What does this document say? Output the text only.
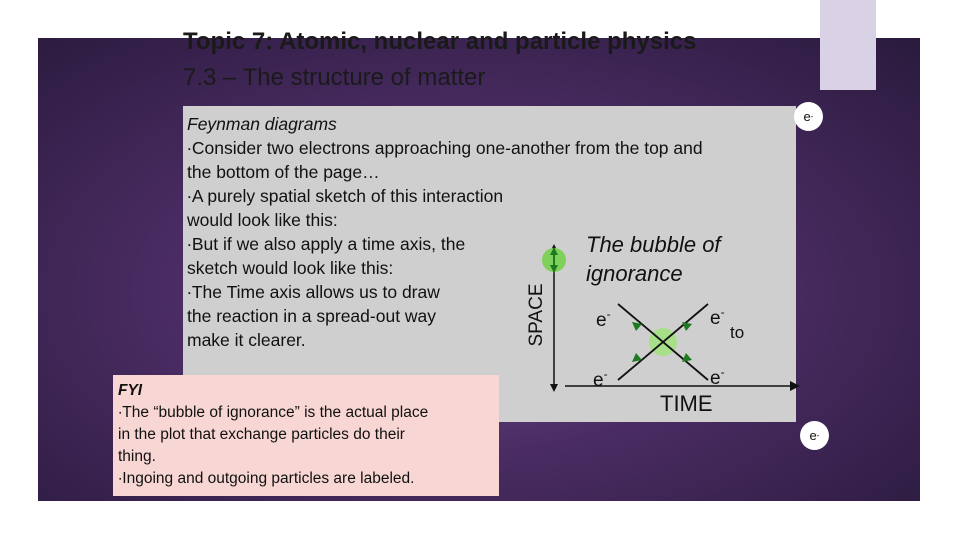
Topic 7: Atomic, nuclear and particle physics
7.3 – The structure of matter
Feynman diagrams
∙Consider two electrons approaching one-another from the top and
the bottom of the page…
∙A purely spatial sketch of this interaction
would look like this:
∙But if we also apply a time axis, the
sketch would look like this:
∙The Time axis allows us to draw
the reaction in a spread-out way
make it clearer.
FYI
∙The “bubble of ignorance” is the actual place
in the plot that exchange particles do their
thing.
∙Ingoing and outgoing particles are labeled.
SPACE
The bubble of
ignorance
e-	e-
to
e-	e-
TIME
e -
e -
